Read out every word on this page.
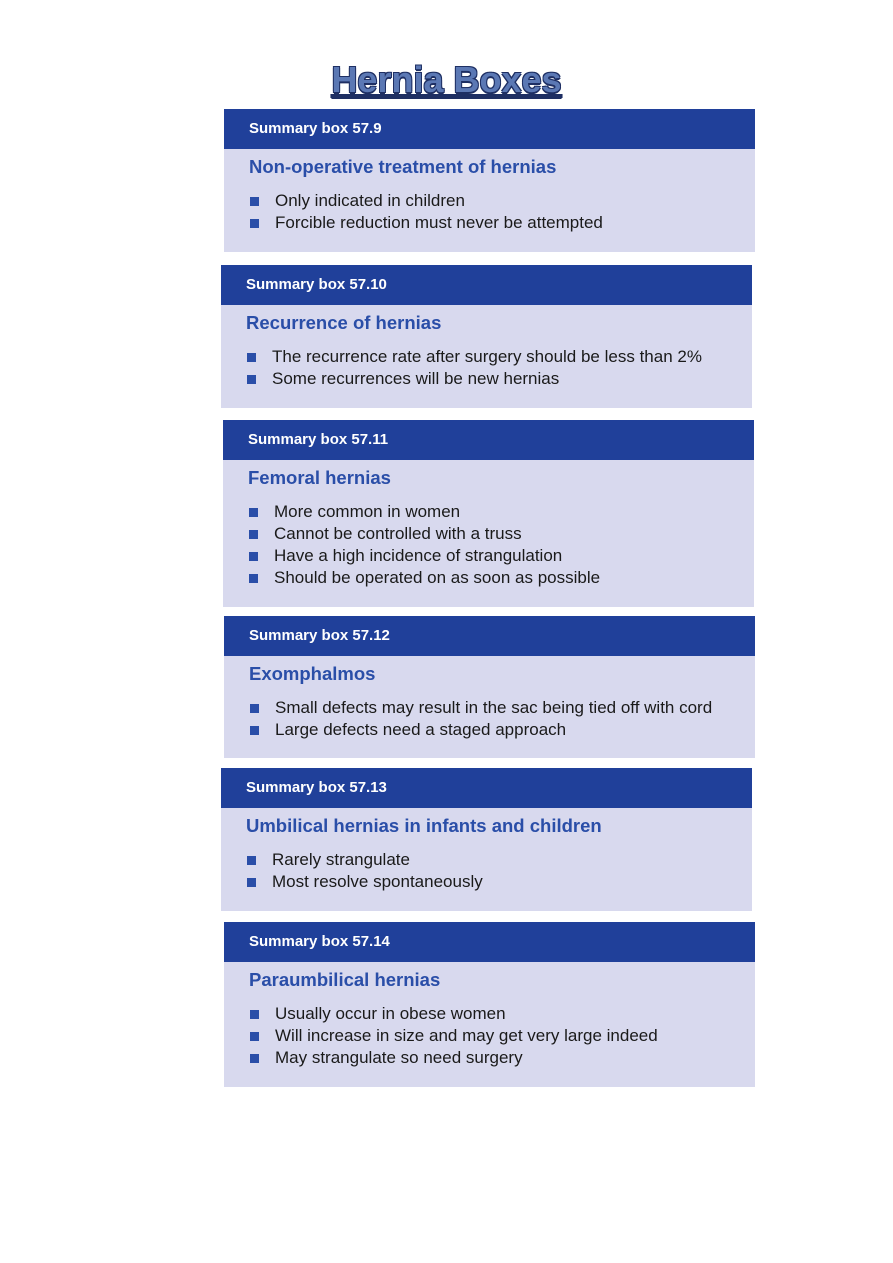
Hernia Boxes
Summary box 57.9
Non-operative treatment of hernias
Only indicated in children
Forcible reduction must never be attempted
Summary box 57.10
Recurrence of hernias
The recurrence rate after surgery should be less than 2%
Some recurrences will be new hernias
Summary box 57.11
Femoral hernias
More common in women
Cannot be controlled with a truss
Have a high incidence of strangulation
Should be operated on as soon as possible
Summary box 57.12
Exomphalmos
Small defects may result in the sac being tied off with cord
Large defects need a staged approach
Summary box 57.13
Umbilical hernias in infants and children
Rarely strangulate
Most resolve spontaneously
Summary box 57.14
Paraumbilical hernias
Usually occur in obese women
Will increase in size and may get very large indeed
May strangulate so need surgery
